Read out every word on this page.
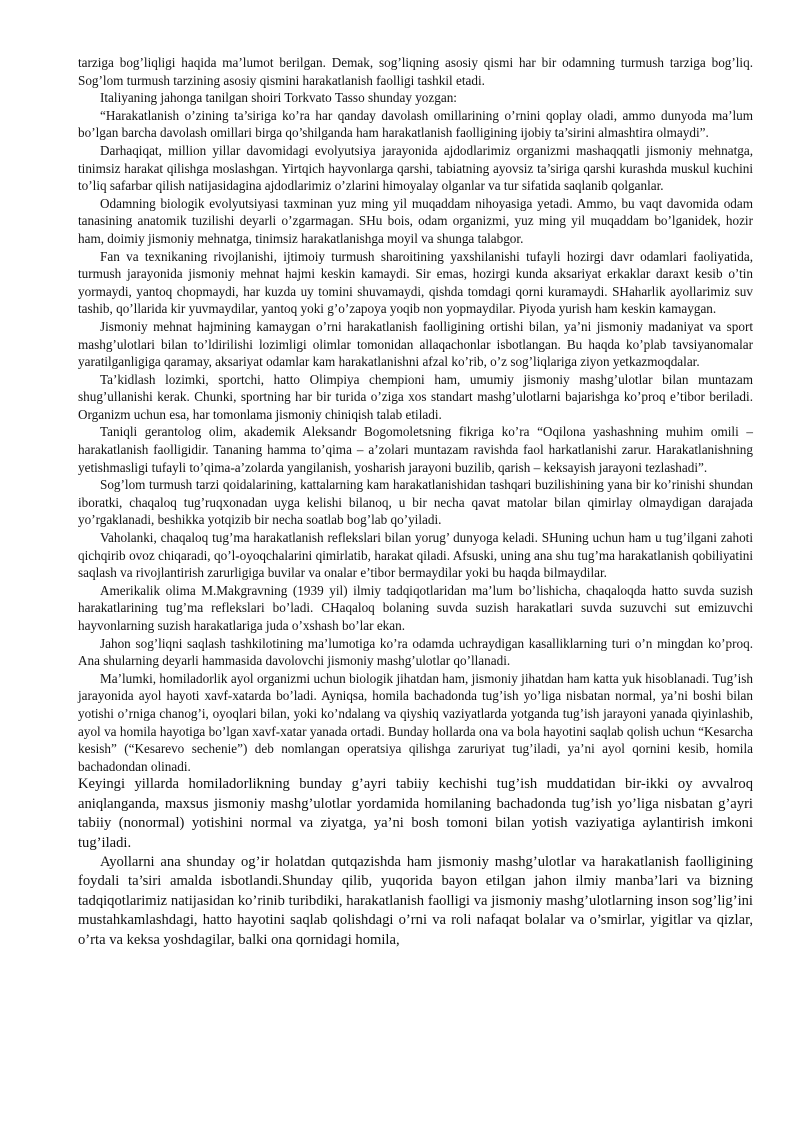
tarziga bog’liqligi haqida ma’lumot berilgan. Demak, sog’liqning asosiy qismi har bir odamning turmush tarziga bog’liq. Sog’lom turmush tarzining asosiy qismini harakatlanish faolligi tashkil etadi.

Italiyaning jahonga tanilgan shoiri Torkvato Tasso shunday yozgan:

“Harakatlanish o’zining ta’siriga ko’ra har qanday davolash omillarining o’rnini qoplay oladi, ammo dunyoda ma’lum bo’lgan barcha davolash omillari birga qo’shilganda ham harakatlanish faolligining ijobiy ta’sirini almashtira olmaydi”.

Darhaqiqat, million yillar davomidagi evolyutsiya jarayonida ajdodlarimiz organizmi mashaqqatli jismoniy mehnatga, tinimsiz harakat qilishga moslashgan. Yirtqich hayvonlarga qarshi, tabiatning ayovsiz ta’siriga qarshi kurashda muskul kuchini to’liq safarbar qilish natijasidagina ajdodlarimiz o’zlarini himoyalay olganlar va tur sifatida saqlanib qolganlar.

Odamning biologik evolyutsiyasi taxminan yuz ming yil muqaddam nihoyasiga yetadi. Ammo, bu vaqt davomida odam tanasining anatomik tuzilishi deyarli o’zgarmagan. SHu bois, odam organizmi, yuz ming yil muqaddam bo’lganidek, hozir ham, doimiy jismoniy mehnatga, tinimsiz harakatlanishga moyil va shunga talabgor.

Fan va texnikaning rivojlanishi, ijtimoiy turmush sharoitining yaxshilanishi tufayli hozirgi davr odamlari faoliyatida, turmush jarayonida jismoniy mehnat hajmi keskin kamaydi. Sir emas, hozirgi kunda aksariyat erkaklar daraxt kesib o’tin yormaydi, yantoq chopmaydi, har kuzda uy tomini shuvamaydi, qishda tomdagi qorni kuramaydi. SHaharlik ayollarimiz suv tashib, qo’llarida kir yuvmaydilar, yantoq yoki g’o’zapoya yoqib non yopmaydilar. Piyoda yurish ham keskin kamaygan.

Jismoniy mehnat hajmining kamaygan o’rni harakatlanish faolligining ortishi bilan, ya’ni jismoniy madaniyat va sport mashg’ulotlari bilan to’ldirilishi lozimligi olimlar tomonidan allaqachonlar isbotlangan. Bu haqda ko’plab tavsiyanomalar yaratilganligiga qaramay, aksariyat odamlar kam harakatlanishni afzal ko’rib, o’z sog’liqlariga ziyon yetkazmoqdalar.

Ta’kidlash lozimki, sportchi, hatto Olimpiya chempioni ham, umumiy jismoniy mashg’ulotlar bilan muntazam shug’ullanishi kerak. Chunki, sportning har bir turida o’ziga xos standart mashg’ulotlarni bajarishga ko’proq e’tibor beriladi. Organizm uchun esa, har tomonlama jismoniy chiniqish talab etiladi.

Taniqli gerantolog olim, akademik Aleksandr Bogomoletsning fikriga ko’ra “Oqilona yashashning muhim omili – harakatlanish faolligidir. Tananing hamma to’qima – a’zolari muntazam ravishda faol harkatlanishi zarur. Harakatlanishning yetishmasligi tufayli to’qima-a’zolarda yangilanish, yosharish jarayoni buzilib, qarish – keksayish jarayoni tezlashadi”.

Sog’lom turmush tarzi qoidalarining, kattalarning kam harakatlanishidan tashqari buzilishining yana bir ko’rinishi shundan iboratki, chaqaloq tug’ruqxonadan uyga kelishi bilanoq, u bir necha qavat matolar bilan qimirlay olmaydigan darajada yo’rgaklanadi, beshikka yotqizib bir necha soatlab bog’lab qo’yiladi.

Vaholanki, chaqaloq tug’ma harakatlanish reflekslari bilan yorug’ dunyoga keladi. SHuning uchun ham u tug’ilgani zahoti qichqirib ovoz chiqaradi, qo’l-oyoqchalarini qimirlatib, harakat qiladi. Afsuski, uning ana shu tug’ma harakatlanish qobiliyatini saqlash va rivojlantirish zarurligiga buvilar va onalar e’tibor bermaydilar yoki bu haqda bilmaydilar.

Amerikalik olima M.Makgravning (1939 yil) ilmiy tadqiqotlaridan ma’lum bo’lishicha, chaqaloqda hatto suvda suzish harakatlarining tug’ma reflekslari bo’ladi. CHaqaloq bolaning suvda suzish harakatlari suvda suzuvchi sut emizuvchi hayvonlarning suzish harakatlariga juda o’xshash bo’lar ekan.

Jahon sog’liqni saqlash tashkilotining ma’lumotiga ko’ra odamda uchraydigan kasalliklarning turi o’n mingdan ko’proq. Ana shularning deyarli hammasida davolovchi jismoniy mashg’ulotlar qo’llanadi.

Ma’lumki, homiladorlik ayol organizmi uchun biologik jihatdan ham, jismoniy jihatdan ham katta yuk hisoblanadi. Tug’ish jarayonida ayol hayoti xavf-xatarda bo’ladi. Ayniqsa, homila bachadonda tug’ish yo’liga nisbatan normal, ya’ni boshi bilan yotishi o’rniga chanog’i, oyoqlari bilan, yoki ko’ndalang va qiyshiq vaziyatlarda yotganda tug’ish jarayoni yanada qiyinlashib, ayol va homila hayotiga bo’lgan xavf-xatar yanada ortadi. Bunday hollarda ona va bola hayotini saqlab qolish uchun “Kesarcha kesish” (“Kesarevo sechenie”) deb nomlangan operatsiya qilishga zaruriyat tug’iladi, ya’ni ayol qornini kesib, homila bachadondan olinadi.

Keyingi yillarda homiladorlikning bunday g’ayri tabiiy kechishi tug’ish muddatidan bir-ikki oy avvalroq aniqlanganda, maxsus jismoniy mashg’ulotlar yordamida homilaning bachadonda tug’ish yo’liga nisbatan g’ayri tabiiy (nonormal) yotishini normal va ziyatga, ya’ni bosh tomoni bilan yotish vaziyatiga aylantirish imkoni tug’iladi.

Ayollarni ana shunday og’ir holatdan qutqazishda ham jismoniy mashg’ulotlar va harakatlanish faolligining foydali ta’siri amalda isbotlandi.Shunday qilib, yuqorida bayon etilgan jahon ilmiy manba’lari va bizning tadqiqotlarimiz natijasidan ko’rinib turibdiki, harakatlanish faolligi va jismoniy mashg’ulotlarning inson sog’lig’ini mustahkamlashdagi, hatto hayotini saqlab qolishdagi o’rni va roli nafaqat bolalar va o’smirlar, yigitlar va qizlar, o’rta va keksa yoshdagilar, balki ona qornidagi homila,
